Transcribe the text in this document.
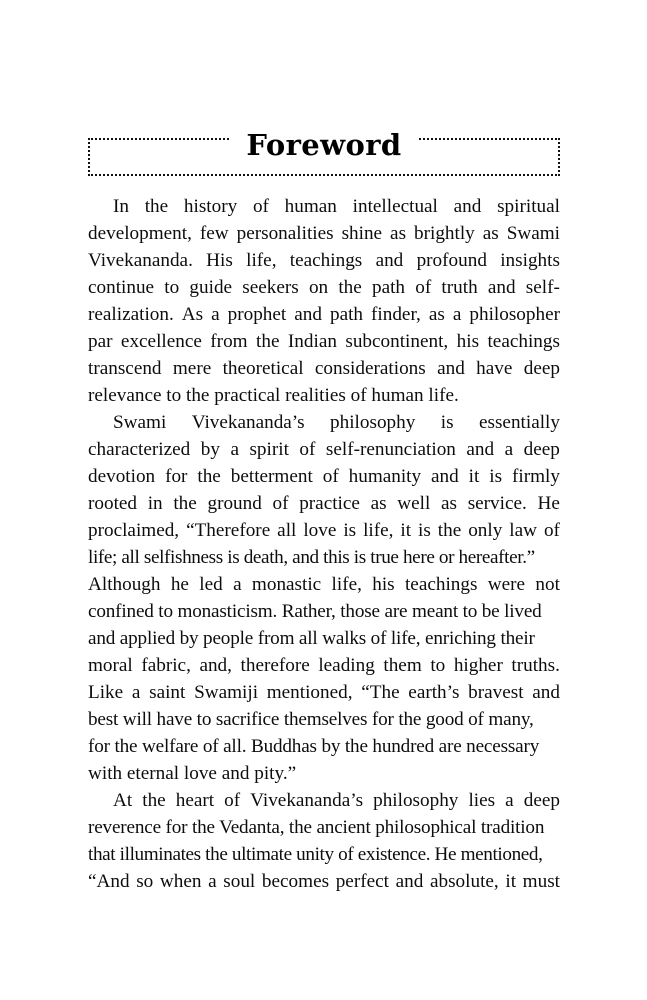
Foreword

In the history of human intellectual and spiritual
development, few personalities shine as brightly as Swami
Vivekananda. His life, teachings and profound insights
continue to guide seekers on the path of truth and self-
realization. As a prophet and path finder, as a philosopher
par excellence from the Indian subcontinent, his teachings
transcend mere theoretical considerations and have deep
relevance to the practical realities of human life.

Swami Vivekananda’s philosophy is essentially
characterized by a spirit of self-renunciation and a deep
devotion for the betterment of humanity and it is firmly
rooted in the ground of practice as well as service. He
proclaimed, “Therefore all love is life, it is the only law of
life; all selfishness is death, and this is true here or hereafter.”
Although he led a monastic life, his teachings were not
confined to monasticism. Rather, those are meant to be lived
and applied by people from all walks of life, enriching their
moral fabric, and, therefore leading them to higher truths.
Like a saint Swamiji mentioned, “The earth’s bravest and
best will have to sacrifice themselves for the good of many,
for the welfare of all. Buddhas by the hundred are necessary
with eternal love and pity.”

At the heart of Vivekananda’s philosophy lies a deep
reverence for the Vedanta, the ancient philosophical tradition
that illuminates the ultimate unity of existence. He mentioned,
“And so when a soul becomes perfect and absolute, it must
